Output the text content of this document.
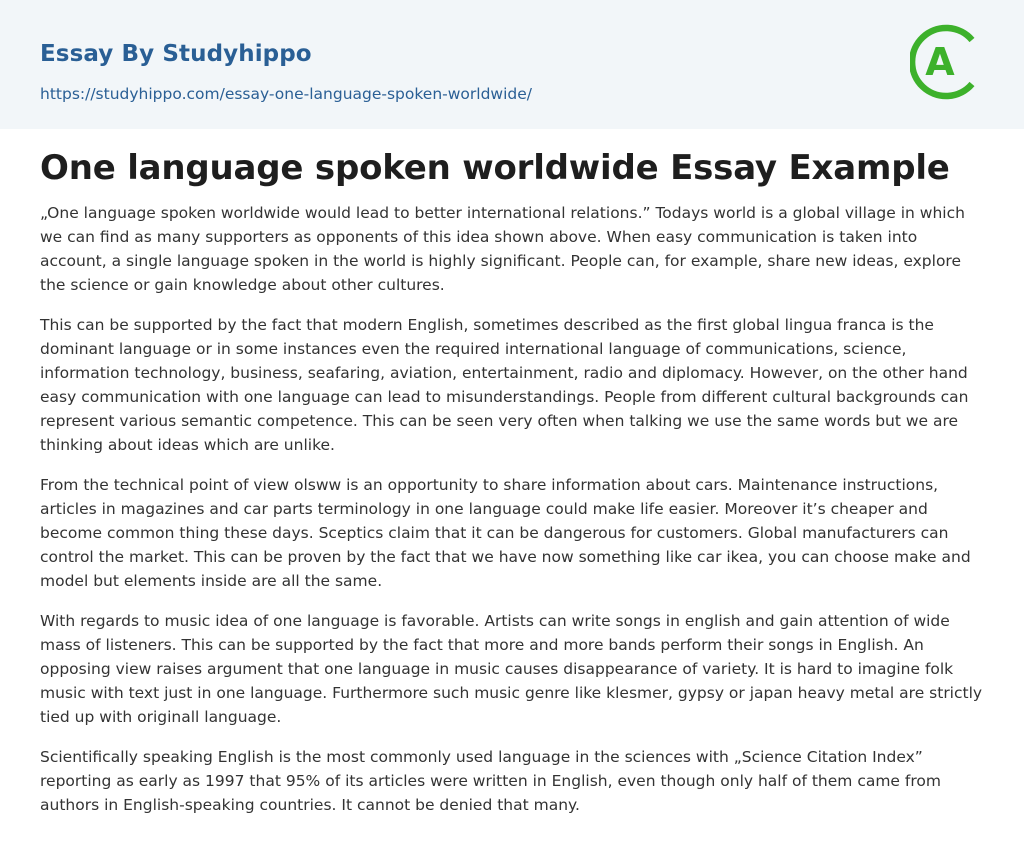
Essay By Studyhippo
https://studyhippo.com/essay-one-language-spoken-worldwide/
A
One language spoken worldwide Essay Example

„One language spoken worldwide would lead to better international relations.” Todays world is a global village in which we can find as many supporters as opponents of this idea shown above. When easy communication is taken into account, a single language spoken in the world is highly significant. People can, for example, share new ideas, explore the science or gain knowledge about other cultures.

This can be supported by the fact that modern English, sometimes described as the first global lingua franca is the dominant language or in some instances even the required international language of communications, science, information technology, business, seafaring, aviation, entertainment, radio and diplomacy. However, on the other hand easy communication with one language can lead to misunderstandings. People from different cultural backgrounds can represent various semantic competence. This can be seen very often when talking we use the same words but we are thinking about ideas which are unlike.

From the technical point of view olsww is an opportunity to share information about cars. Maintenance instructions, articles in magazines and car parts terminology in one language could make life easier. Moreover it’s cheaper and become common thing these days. Sceptics claim that it can be dangerous for customers. Global manufacturers can control the market. This can be proven by the fact that we have now something like car ikea, you can choose make and model but elements inside are all the same.

With regards to music idea of one language is favorable. Artists can write songs in english and gain attention of wide mass of listeners. This can be supported by the fact that more and more bands perform their songs in English. An opposing view raises argument that one language in music causes disappearance of variety. It is hard to imagine folk music with text just in one language. Furthermore such music genre like klesmer, gypsy or japan heavy metal are strictly tied up with originall language.

Scientifically speaking English is the most commonly used language in the sciences with „Science Citation Index” reporting as early as 1997 that 95% of its articles were written in English, even though only half of them came from authors in English-speaking countries. It cannot be denied that many.
